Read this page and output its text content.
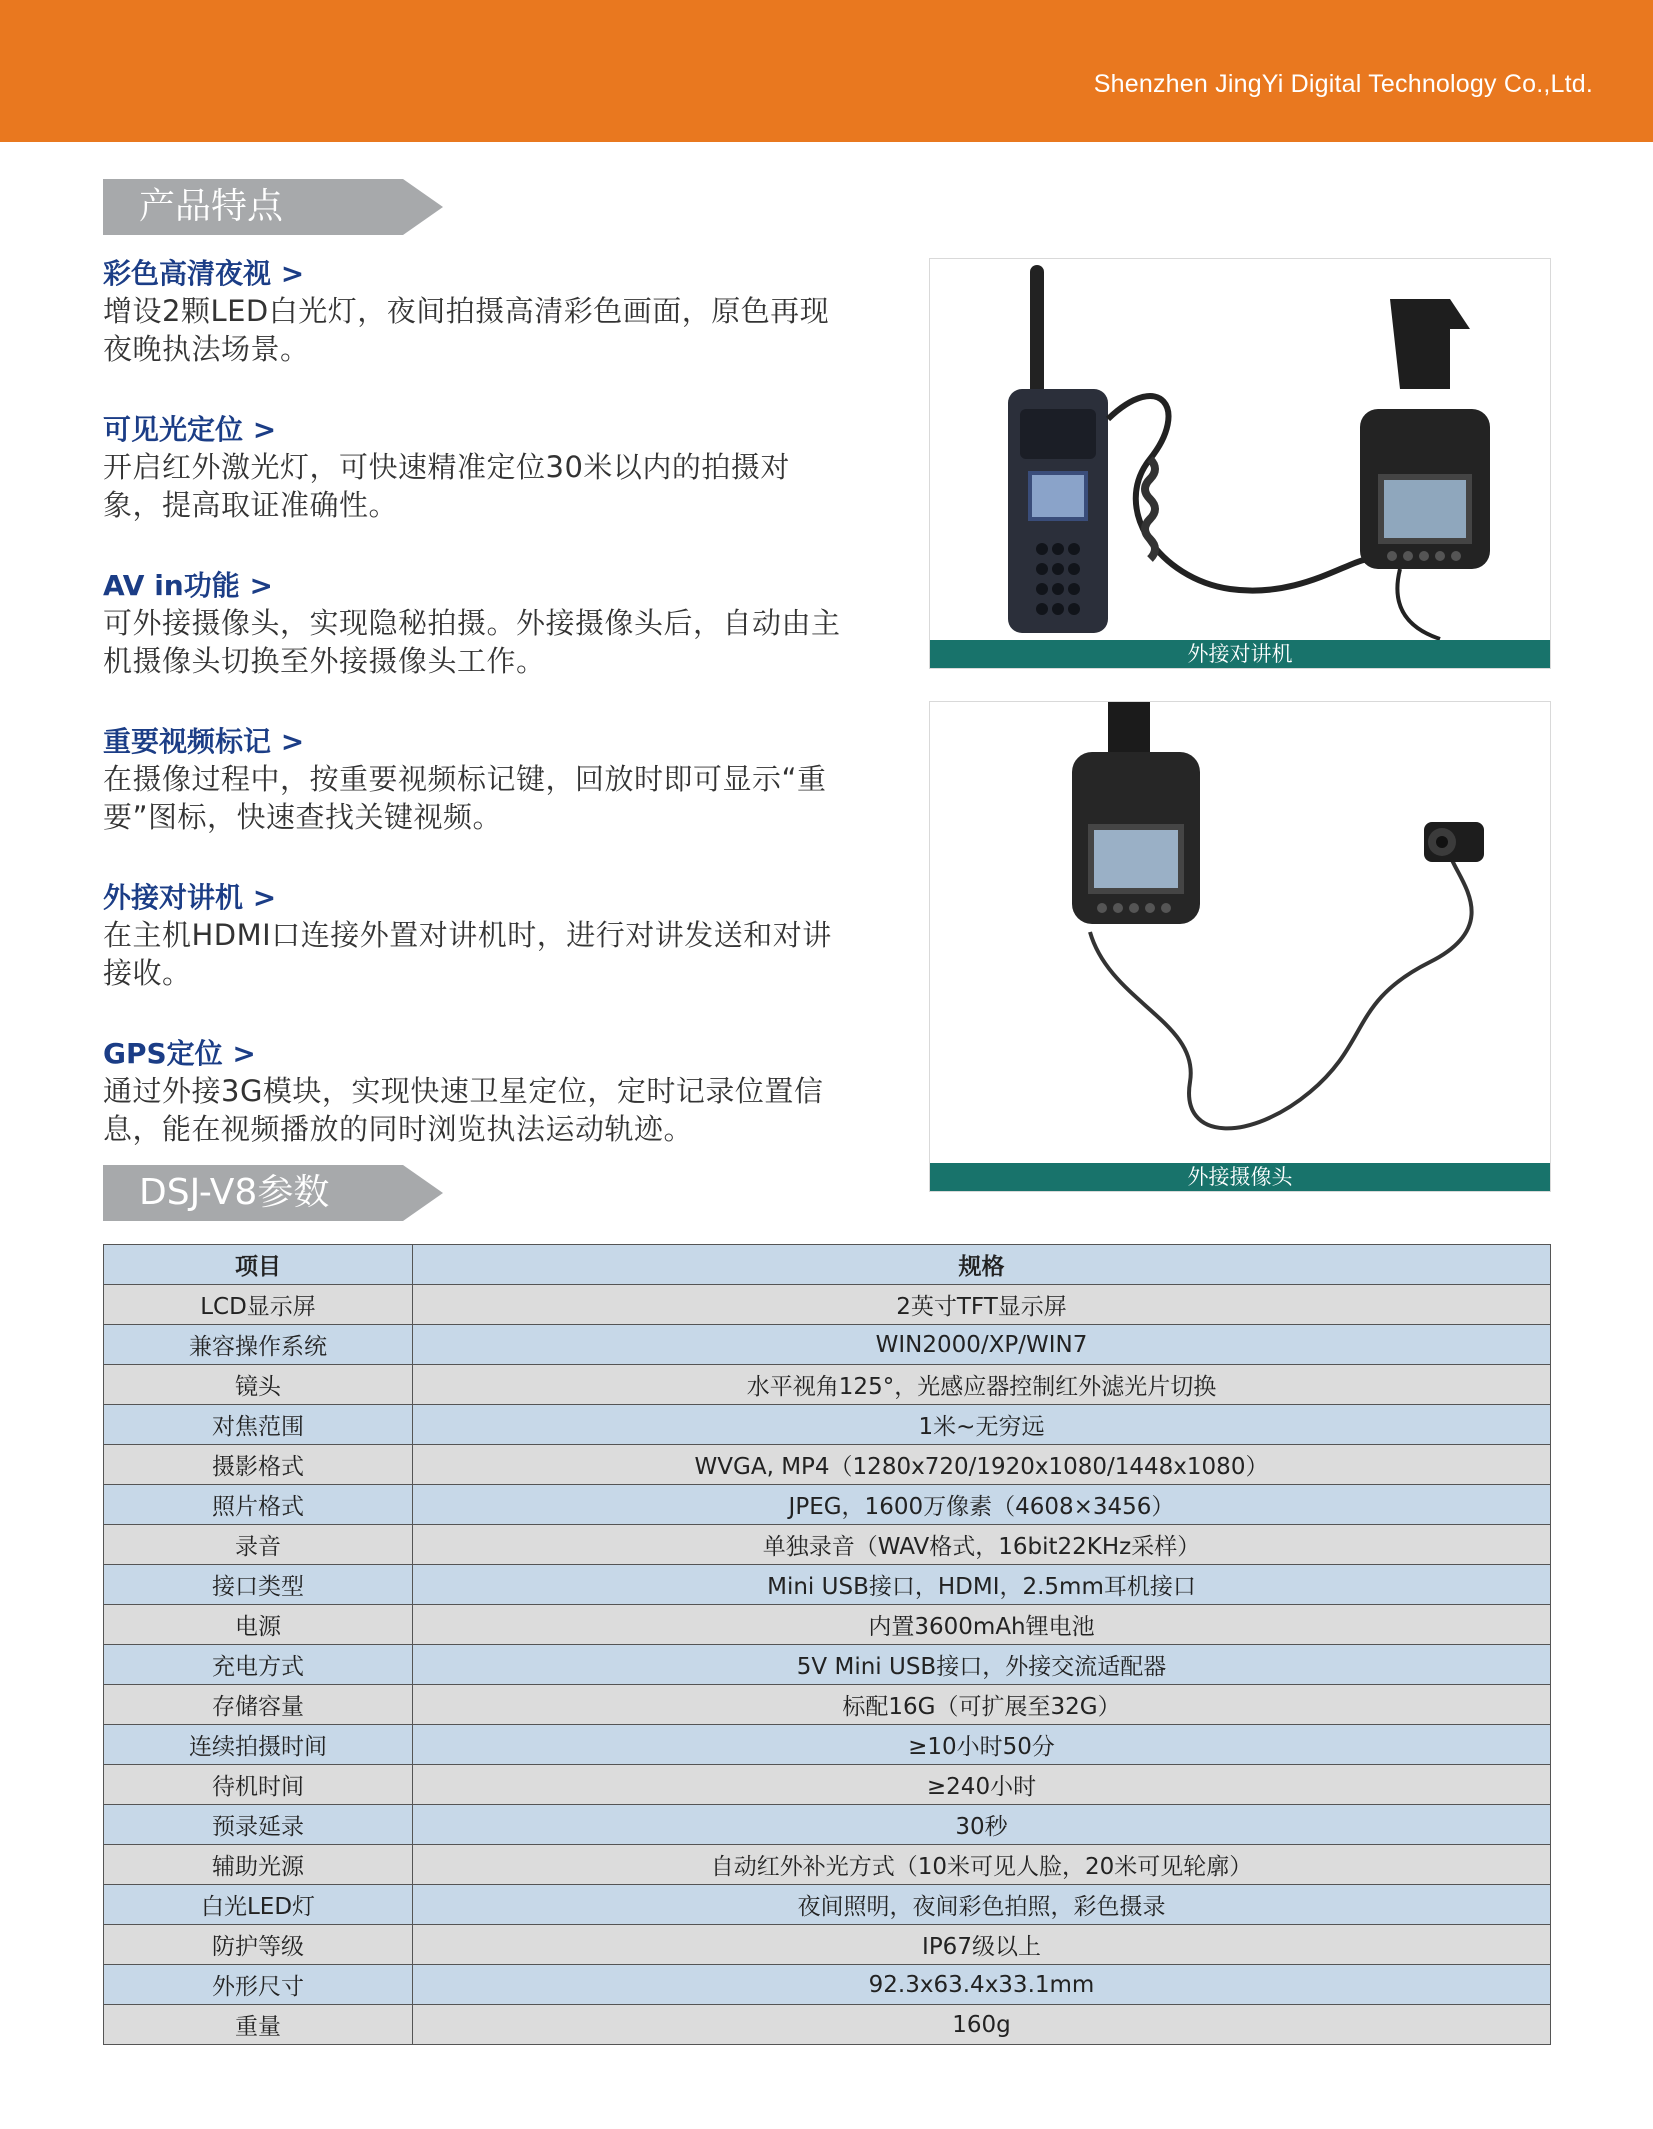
Shenzhen JingYi Digital Technology Co.,Ltd.
产品特点
彩色高清夜视 >

增设2颗LED白光灯，夜间拍摄高清彩色画面，原色再现
夜晚执法场景。

可见光定位 >

开启红外激光灯，可快速精准定位30米以内的拍摄对
象，提高取证准确性。

AV in功能 >

可外接摄像头，实现隐秘拍摄。外接摄像头后，自动由主
机摄像头切换至外接摄像头工作。

重要视频标记 >

在摄像过程中，按重要视频标记键，回放时即可显示“重
要”图标，快速查找关键视频。

外接对讲机 >

在主机HDMI口连接外置对讲机时，进行对讲发送和对讲
接收。

GPS定位 >

通过外接3G模块，实现快速卫星定位，定时记录位置信
息，能在视频播放的同时浏览执法运动轨迹。

外接对讲机
外接摄像头
DSJ-V8参数
项目	规格
LCD显示屏	2英寸TFT显示屏
兼容操作系统	WIN2000/XP/WIN7
镜头	水平视角125°，光感应器控制红外滤光片切换
对焦范围	1米~无穷远
摄影格式	WVGA, MP4（1280x720/1920x1080/1448x1080）
照片格式	JPEG，1600万像素（4608×3456）
录音	单独录音（WAV格式，16bit22KHz采样）
接口类型	Mini USB接口，HDMI，2.5mm耳机接口
电源	内置3600mAh锂电池
充电方式	5V Mini USB接口，外接交流适配器
存储容量	标配16G（可扩展至32G）
连续拍摄时间	≥10小时50分
待机时间	≥240小时
预录延录	30秒
辅助光源	自动红外补光方式（10米可见人脸，20米可见轮廓）
白光LED灯	夜间照明，夜间彩色拍照，彩色摄录
防护等级	IP67级以上
外形尺寸	92.3x63.4x33.1mm
重量	160g
